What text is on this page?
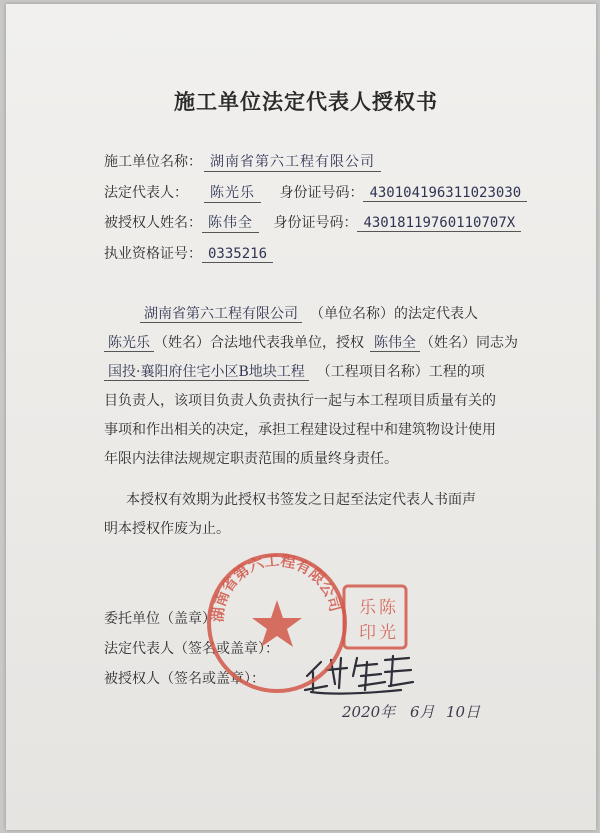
施工单位法定代表人授权书
施工单位名称： 湖南省第六工程有限公司
法定代表人： 陈光乐 身份证号码： 430104196311023030
被授权人姓名： 陈伟全 身份证号码： 43018119760110707X
执业资格证号： 0335216
湖南省第六工程有限公司 （单位名称）的法定代表人
陈光乐 （姓名）合法地代表我单位，授权 陈伟全 （姓名）同志为
国投·襄阳府住宅小区B地块工程 （工程项目名称）工程的项
目负责人，该项目负责人负责执行一起与本工程项目质量有关的
事项和作出相关的决定，承担工程建设过程中和建筑物设计使用
年限内法律法规规定职责范围的质量终身责任。
本授权有效期为此授权书签发之日起至法定代表人书面声
明本授权作废为止。
委托单位（盖章）
法定代表人（签名或盖章）：
被授权人（签名或盖章）：
2020年 6月 10日
湖南省第六工程有限公司 乐 陈
印 光
